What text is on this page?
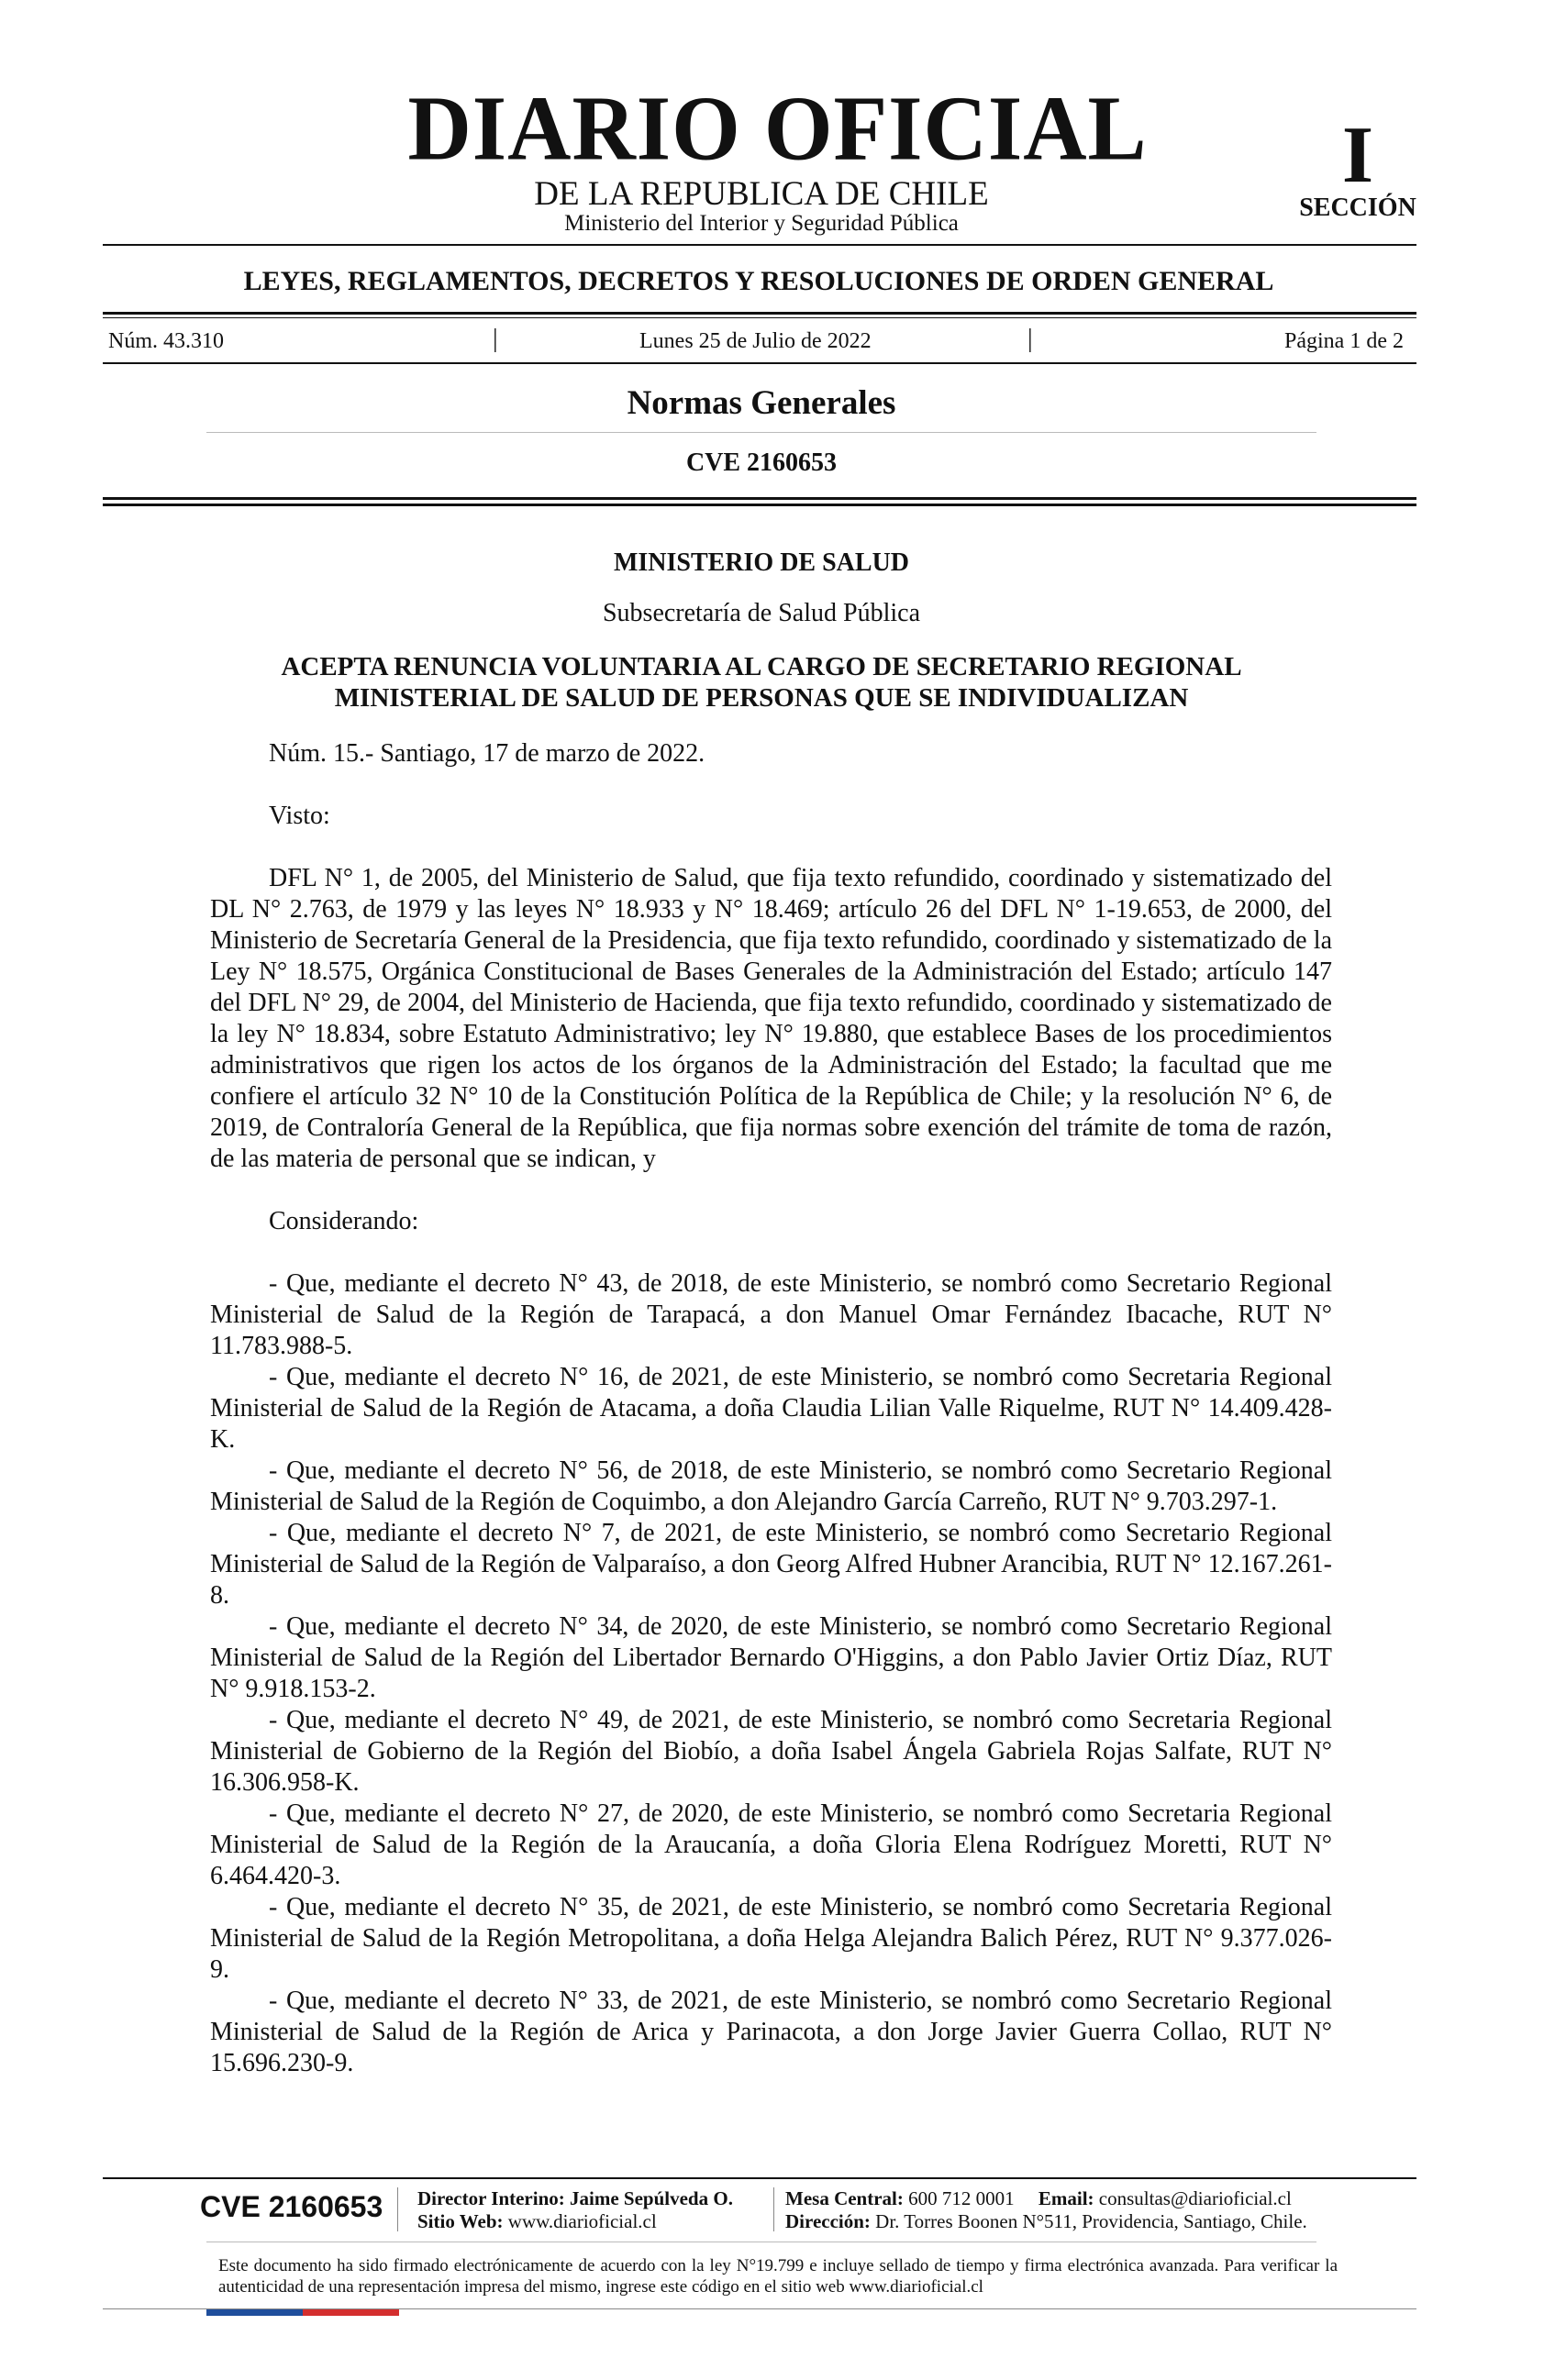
DIARIO OFICIAL
DE LA REPUBLICA DE CHILE
Ministerio del Interior y Seguridad Pública
I
SECCIÓN
LEYES, REGLAMENTOS, DECRETOS Y RESOLUCIONES DE ORDEN GENERAL
Núm. 43.310	|	Lunes 25 de Julio de 2022	|	Página 1 de 2
Normas Generales
CVE 2160653
MINISTERIO DE SALUD
Subsecretaría de Salud Pública
ACEPTA RENUNCIA VOLUNTARIA AL CARGO DE SECRETARIO REGIONAL
MINISTERIAL DE SALUD DE PERSONAS QUE SE INDIVIDUALIZAN

Núm. 15.- Santiago, 17 de marzo de 2022.

Visto:

DFL N° 1, de 2005, del Ministerio de Salud, que fija texto refundido, coordinado y sistematizado del DL N° 2.763, de 1979 y las leyes N° 18.933 y N° 18.469; artículo 26 del DFL N° 1-19.653, de 2000, del Ministerio de Secretaría General de la Presidencia, que fija texto refundido, coordinado y sistematizado de la Ley N° 18.575, Orgánica Constitucional de Bases Generales de la Administración del Estado; artículo 147 del DFL N° 29, de 2004, del Ministerio de Hacienda, que fija texto refundido, coordinado y sistematizado de la ley N° 18.834, sobre Estatuto Administrativo; ley N° 19.880, que establece Bases de los procedimientos administrativos que rigen los actos de los órganos de la Administración del Estado; la facultad que me confiere el artículo 32 N° 10 de la Constitución Política de la República de Chile; y la resolución N° 6, de 2019, de Contraloría General de la República, que fija normas sobre exención del trámite de toma de razón, de las materia de personal que se indican, y

Considerando:

- Que, mediante el decreto N° 43, de 2018, de este Ministerio, se nombró como Secretario Regional Ministerial de Salud de la Región de Tarapacá, a don Manuel Omar Fernández Ibacache, RUT N° 11.783.988-5.

- Que, mediante el decreto N° 16, de 2021, de este Ministerio, se nombró como Secretaria Regional Ministerial de Salud de la Región de Atacama, a doña Claudia Lilian Valle Riquelme, RUT N° 14.409.428-K.

- Que, mediante el decreto N° 56, de 2018, de este Ministerio, se nombró como Secretario Regional Ministerial de Salud de la Región de Coquimbo, a don Alejandro García Carreño, RUT N° 9.703.297-1.

- Que, mediante el decreto N° 7, de 2021, de este Ministerio, se nombró como Secretario Regional Ministerial de Salud de la Región de Valparaíso, a don Georg Alfred Hubner Arancibia, RUT N° 12.167.261-8.

- Que, mediante el decreto N° 34, de 2020, de este Ministerio, se nombró como Secretario Regional Ministerial de Salud de la Región del Libertador Bernardo O'Higgins, a don Pablo Javier Ortiz Díaz, RUT N° 9.918.153-2.

- Que, mediante el decreto N° 49, de 2021, de este Ministerio, se nombró como Secretaria Regional Ministerial de Gobierno de la Región del Biobío, a doña Isabel Ángela Gabriela Rojas Salfate, RUT N° 16.306.958-K.

- Que, mediante el decreto N° 27, de 2020, de este Ministerio, se nombró como Secretaria Regional Ministerial de Salud de la Región de la Araucanía, a doña Gloria Elena Rodríguez Moretti, RUT N° 6.464.420-3.

- Que, mediante el decreto N° 35, de 2021, de este Ministerio, se nombró como Secretaria Regional Ministerial de Salud de la Región Metropolitana, a doña Helga Alejandra Balich Pérez, RUT N° 9.377.026-9.

- Que, mediante el decreto N° 33, de 2021, de este Ministerio, se nombró como Secretario Regional Ministerial de Salud de la Región de Arica y Parinacota, a don Jorge Javier Guerra Collao, RUT N° 15.696.230-9.

CVE 2160653 Director Interino: Jaime Sepúlveda O.
Sitio Web: www.diarioficial.cl
Mesa Central: 600 712 0001 Email: consultas@diarioficial.cl
Dirección: Dr. Torres Boonen N°511, Providencia, Santiago, Chile.
Este documento ha sido firmado electrónicamente de acuerdo con la ley N°19.799 e incluye sellado de tiempo y firma electrónica avanzada. Para verificar la autenticidad de una representación impresa del mismo, ingrese este código en el sitio web www.diarioficial.cl
